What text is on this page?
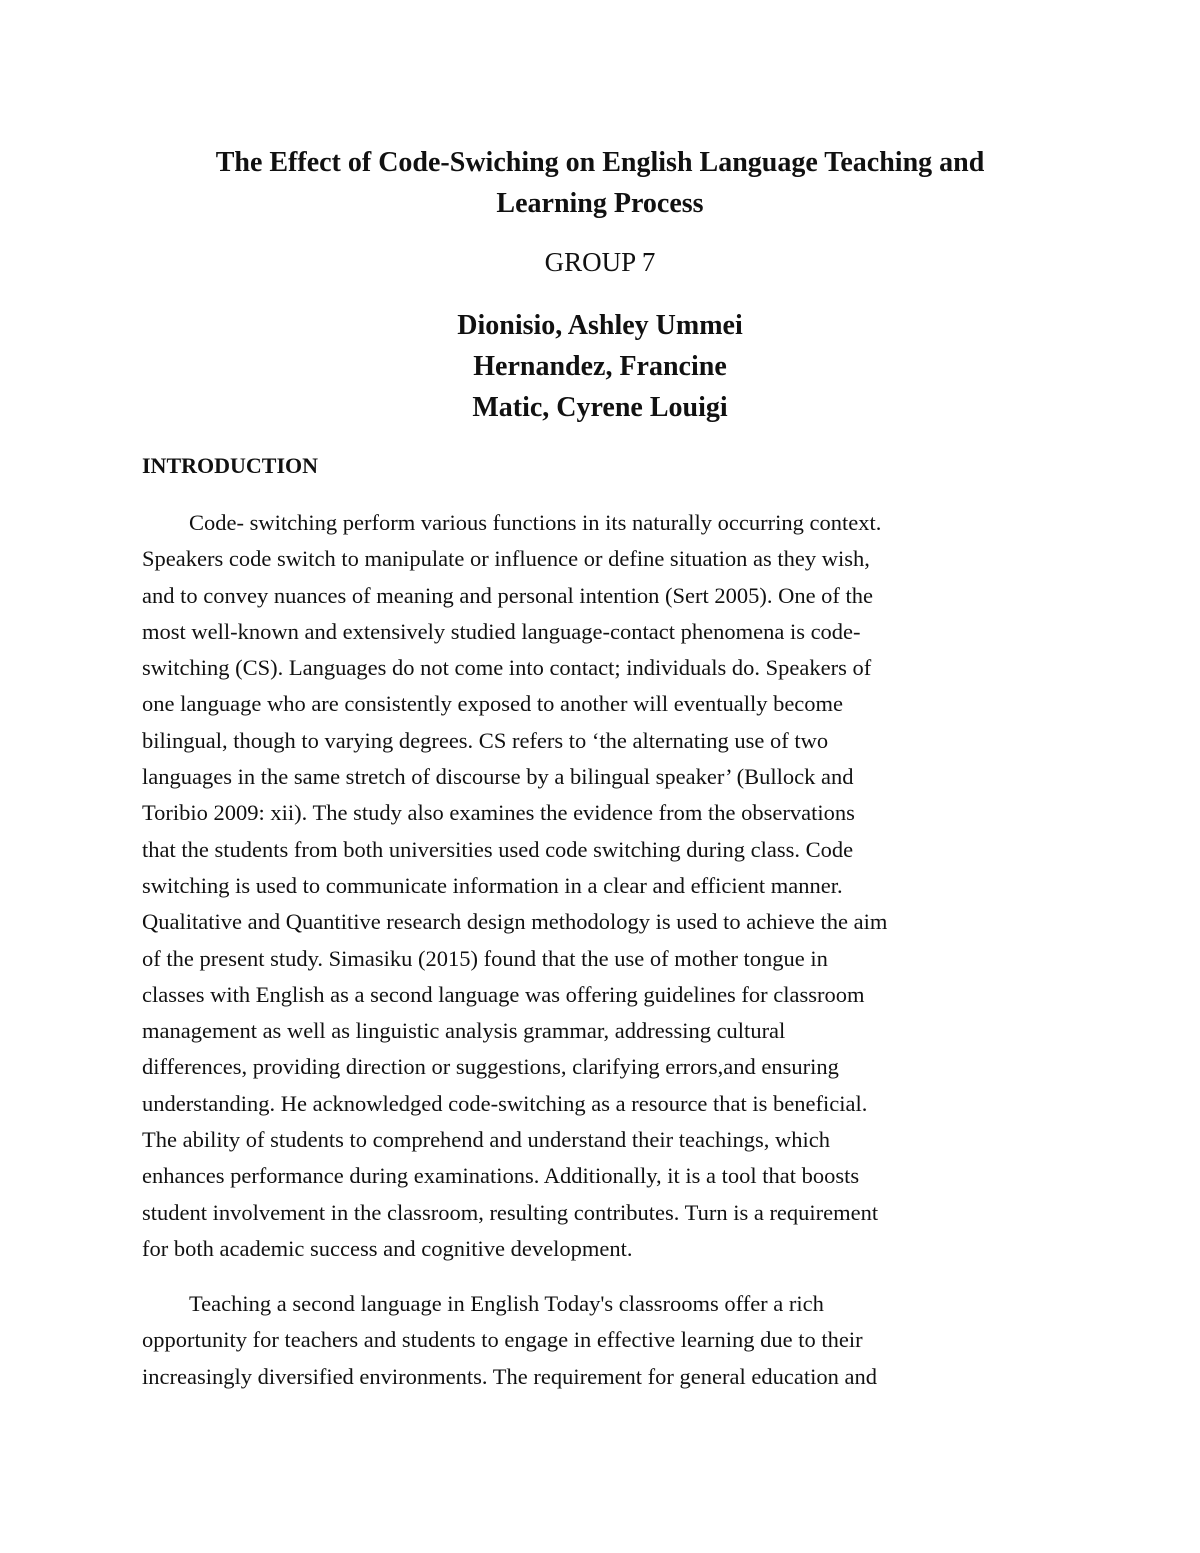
The Effect of Code-Swiching on English Language Teaching and
Learning Process

GROUP 7

Dionisio, Ashley Ummei
Hernandez, Francine
Matic, Cyrene Louigi
INTRODUCTION
Code- switching perform various functions in its naturally occurring context.
Speakers code switch to manipulate or influence or define situation as they wish,
and to convey nuances of meaning and personal intention (Sert 2005). One of the
most well-known and extensively studied language-contact phenomena is code-
switching (CS). Languages do not come into contact; individuals do. Speakers of
one language who are consistently exposed to another will eventually become
bilingual, though to varying degrees. CS refers to ‘the alternating use of two
languages in the same stretch of discourse by a bilingual speaker’ (Bullock and
Toribio 2009: xii). The study also examines the evidence from the observations
that the students from both universities used code switching during class. Code
switching is used to communicate information in a clear and efficient manner.
Qualitative and Quantitive research design methodology is used to achieve the aim
of the present study. Simasiku (2015) found that the use of mother tongue in
classes with English as a second language was offering guidelines for classroom
management as well as linguistic analysis grammar, addressing cultural
differences, providing direction or suggestions, clarifying errors,and ensuring
understanding. He acknowledged code-switching as a resource that is beneficial.
The ability of students to comprehend and understand their teachings, which
enhances performance during examinations. Additionally, it is a tool that boosts
student involvement in the classroom, resulting contributes. Turn is a requirement
for both academic success and cognitive development.
Teaching a second language in English Today's classrooms offer a rich
opportunity for teachers and students to engage in effective learning due to their
increasingly diversified environments. The requirement for general education and
